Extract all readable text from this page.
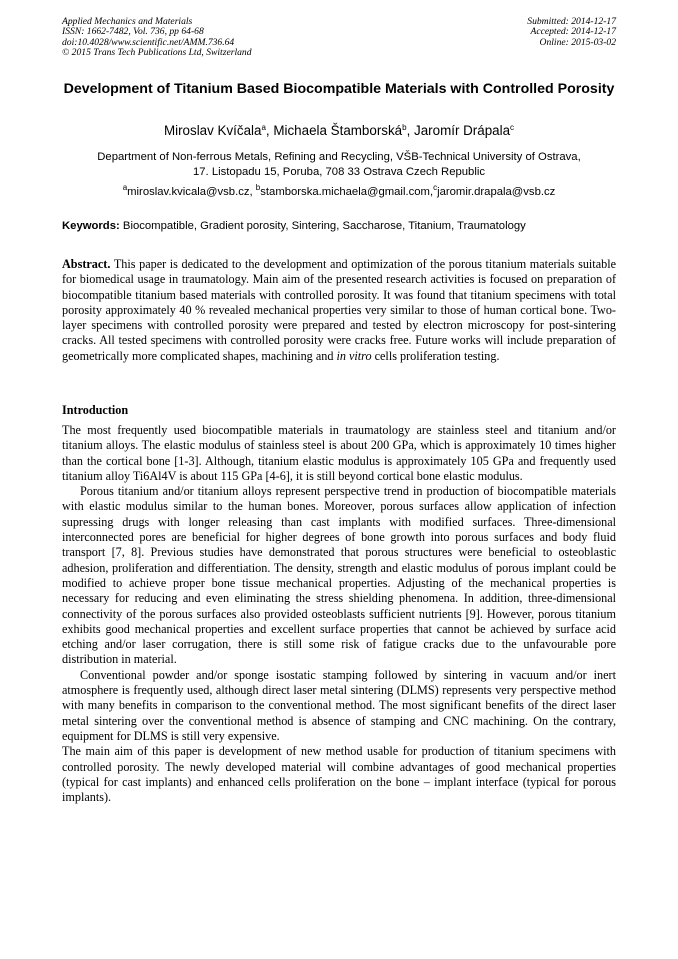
Applied Mechanics and Materials
ISSN: 1662-7482, Vol. 736, pp 64-68
doi:10.4028/www.scientific.net/AMM.736.64
© 2015 Trans Tech Publications Ltd, Switzerland
Submitted: 2014-12-17
Accepted: 2014-12-17
Online: 2015-03-02
Development of Titanium Based Biocompatible Materials with Controlled Porosity
Miroslav Kvíčala$^a$, Michaela Štamborská$^b$, Jaromír Drápala$^c$
Department of Non-ferrous Metals, Refining and Recycling, VŠB-Technical University of Ostrava,
17. Listopadu 15, Poruba, 708 33 Ostrava Czech Republic
$^a$miroslav.kvicala@vsb.cz, $^b$stamborska.michaela@gmail.com,$^c$jaromir.drapala@vsb.cz
Keywords: Biocompatible, Gradient porosity, Sintering, Saccharose, Titanium, Traumatology
Abstract. This paper is dedicated to the development and optimization of the porous titanium materials suitable for biomedical usage in traumatology. Main aim of the presented research activities is focused on preparation of biocompatible titanium based materials with controlled porosity. It was found that titanium specimens with total porosity approximately 40 % revealed mechanical properties very similar to those of human cortical bone. Two-layer specimens with controlled porosity were prepared and tested by electron microscopy for post-sintering cracks. All tested specimens with controlled porosity were cracks free. Future works will include preparation of geometrically more complicated shapes, machining and in vitro cells proliferation testing.
Introduction

The most frequently used biocompatible materials in traumatology are stainless steel and titanium and/or titanium alloys. The elastic modulus of stainless steel is about 200 GPa, which is approximately 10 times higher than the cortical bone [1-3]. Although, titanium elastic modulus is approximately 105 GPa and frequently used titanium alloy Ti6Al4V is about 115 GPa [4-6], it is still beyond cortical bone elastic modulus.

Porous titanium and/or titanium alloys represent perspective trend in production of biocompatible materials with elastic modulus similar to the human bones. Moreover, porous surfaces allow application of infection supressing drugs with longer releasing than cast implants with modified surfaces. Three-dimensional interconnected pores are beneficial for higher degrees of bone growth into porous surfaces and body fluid transport [7, 8]. Previous studies have demonstrated that porous structures were beneficial to osteoblastic adhesion, proliferation and differentiation. The density, strength and elastic modulus of porous implant could be modified to achieve proper bone tissue mechanical properties. Adjusting of the mechanical properties is necessary for reducing and even eliminating the stress shielding phenomena. In addition, three-dimensional connectivity of the porous surfaces also provided osteoblasts sufficient nutrients [9]. However, porous titanium exhibits good mechanical properties and excellent surface properties that cannot be achieved by surface acid etching and/or laser corrugation, there is still some risk of fatigue cracks due to the unfavourable pore distribution in material.

Conventional powder and/or sponge isostatic stamping followed by sintering in vacuum and/or inert atmosphere is frequently used, although direct laser metal sintering (DLMS) represents very perspective method with many benefits in comparison to the conventional method. The most significant benefits of the direct laser metal sintering over the conventional method is absence of stamping and CNC machining. On the contrary, equipment for DLMS is still very expensive.

The main aim of this paper is development of new method usable for production of titanium specimens with controlled porosity. The newly developed material will combine advantages of good mechanical properties (typical for cast implants) and enhanced cells proliferation on the bone – implant interface (typical for porous implants).
